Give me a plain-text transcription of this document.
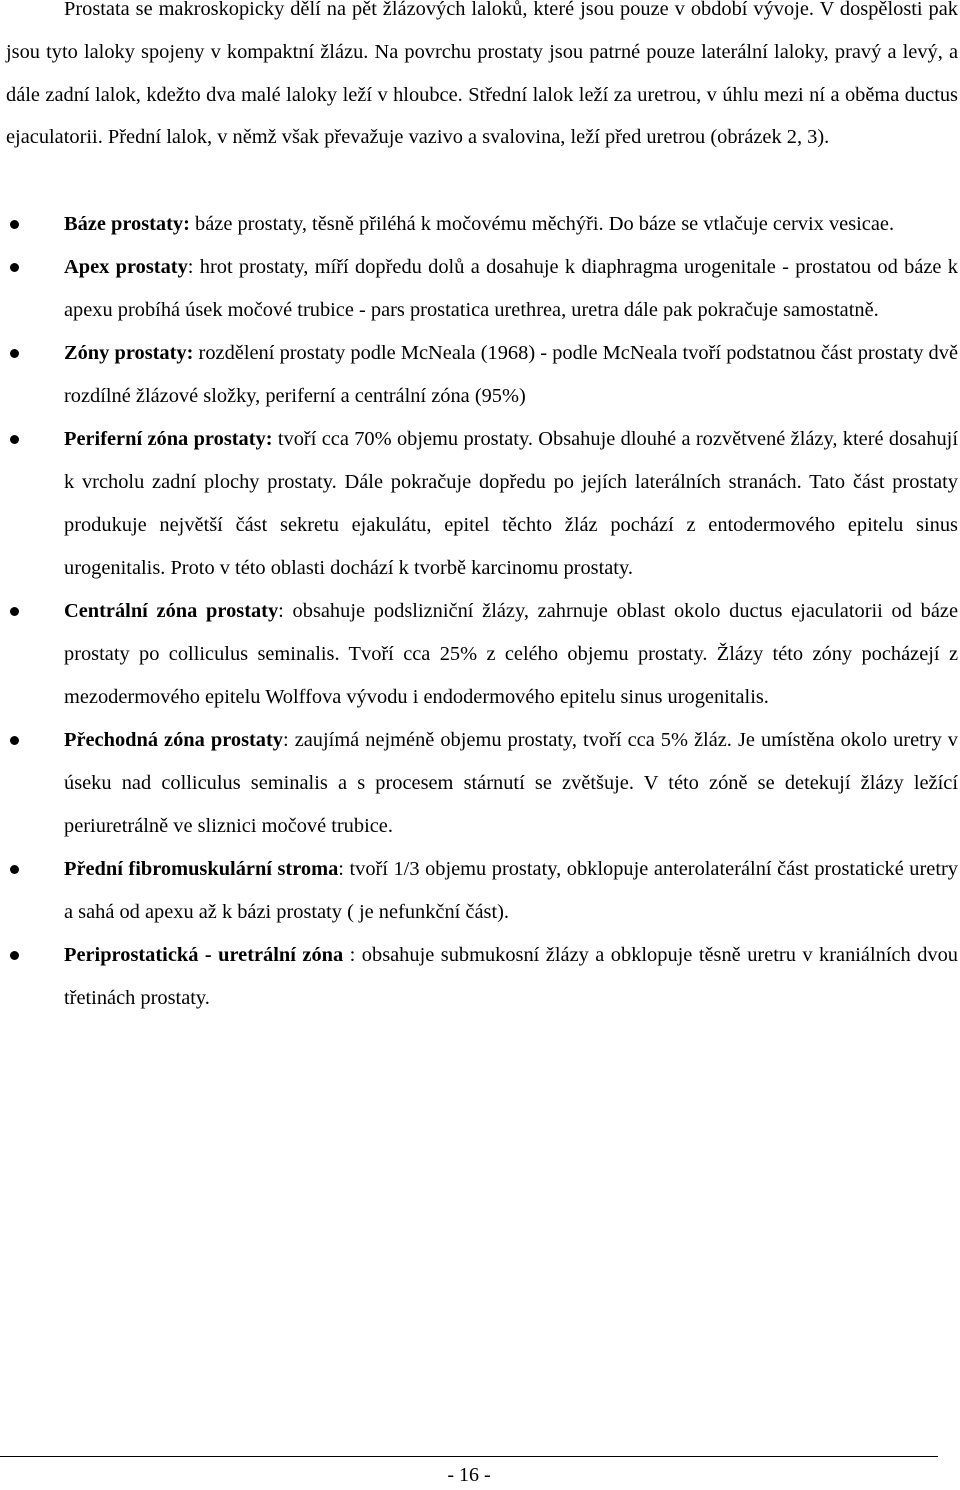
Prostata se makroskopicky dělí na pět žlázových laloků, které jsou pouze v období vývoje. V dospělosti pak jsou tyto laloky spojeny v kompaktní žlázu. Na povrchu prostaty jsou patrné pouze laterální laloky, pravý a levý, a dále zadní lalok, kdežto dva malé laloky leží v hloubce. Střední lalok leží za uretrou, v úhlu mezi ní a oběma ductus ejaculatorii. Přední lalok, v němž však převažuje vazivo a svalovina, leží před uretrou (obrázek 2, 3).

Báze prostaty: báze prostaty, těsně přiléhá k močovému měchýři. Do báze se vtlačuje cervix vesicae.
Apex prostaty: hrot prostaty, míří dopředu dolů a dosahuje k diaphragma urogenitale - prostatou od báze k apexu probíhá úsek močové trubice - pars prostatica urethrea, uretra dále pak pokračuje samostatně.
Zóny prostaty: rozdělení prostaty podle McNeala (1968) - podle McNeala tvoří podstatnou část prostaty dvě rozdílné žlázové složky, periferní a centrální zóna (95%)
Periferní zóna prostaty: tvoří cca 70% objemu prostaty. Obsahuje dlouhé a rozvětvené žlázy, které dosahují k vrcholu zadní plochy prostaty. Dále pokračuje dopředu po jejích laterálních stranách. Tato část prostaty produkuje největší část sekretu ejakulátu, epitel těchto žláz pochází z entodermového epitelu sinus urogenitalis. Proto v této oblasti dochází k tvorbě karcinomu prostaty.
Centrální zóna prostaty: obsahuje podslizniční žlázy, zahrnuje oblast okolo ductus ejaculatorii od báze prostaty po colliculus seminalis. Tvoří cca 25% z celého objemu prostaty. Žlázy této zóny pocházejí z mezodermového epitelu Wolffova vývodu i endodermového epitelu sinus urogenitalis.
Přechodná zóna prostaty: zaujímá nejméně objemu prostaty, tvoří cca 5% žláz. Je umístěna okolo uretry v úseku nad colliculus seminalis a s procesem stárnutí se zvětšuje. V této zóně se detekují žlázy ležící periuretrálně ve sliznici močové trubice.
Přední fibromuskulární stroma: tvoří 1/3 objemu prostaty, obklopuje anterolaterální část prostatické uretry a sahá od apexu až k bázi prostaty ( je nefunkční část).
Periprostatická - uretrální zóna : obsahuje submukosní žlázy a obklopuje těsně uretru v kraniálních dvou třetinách prostaty.
- 16 -
